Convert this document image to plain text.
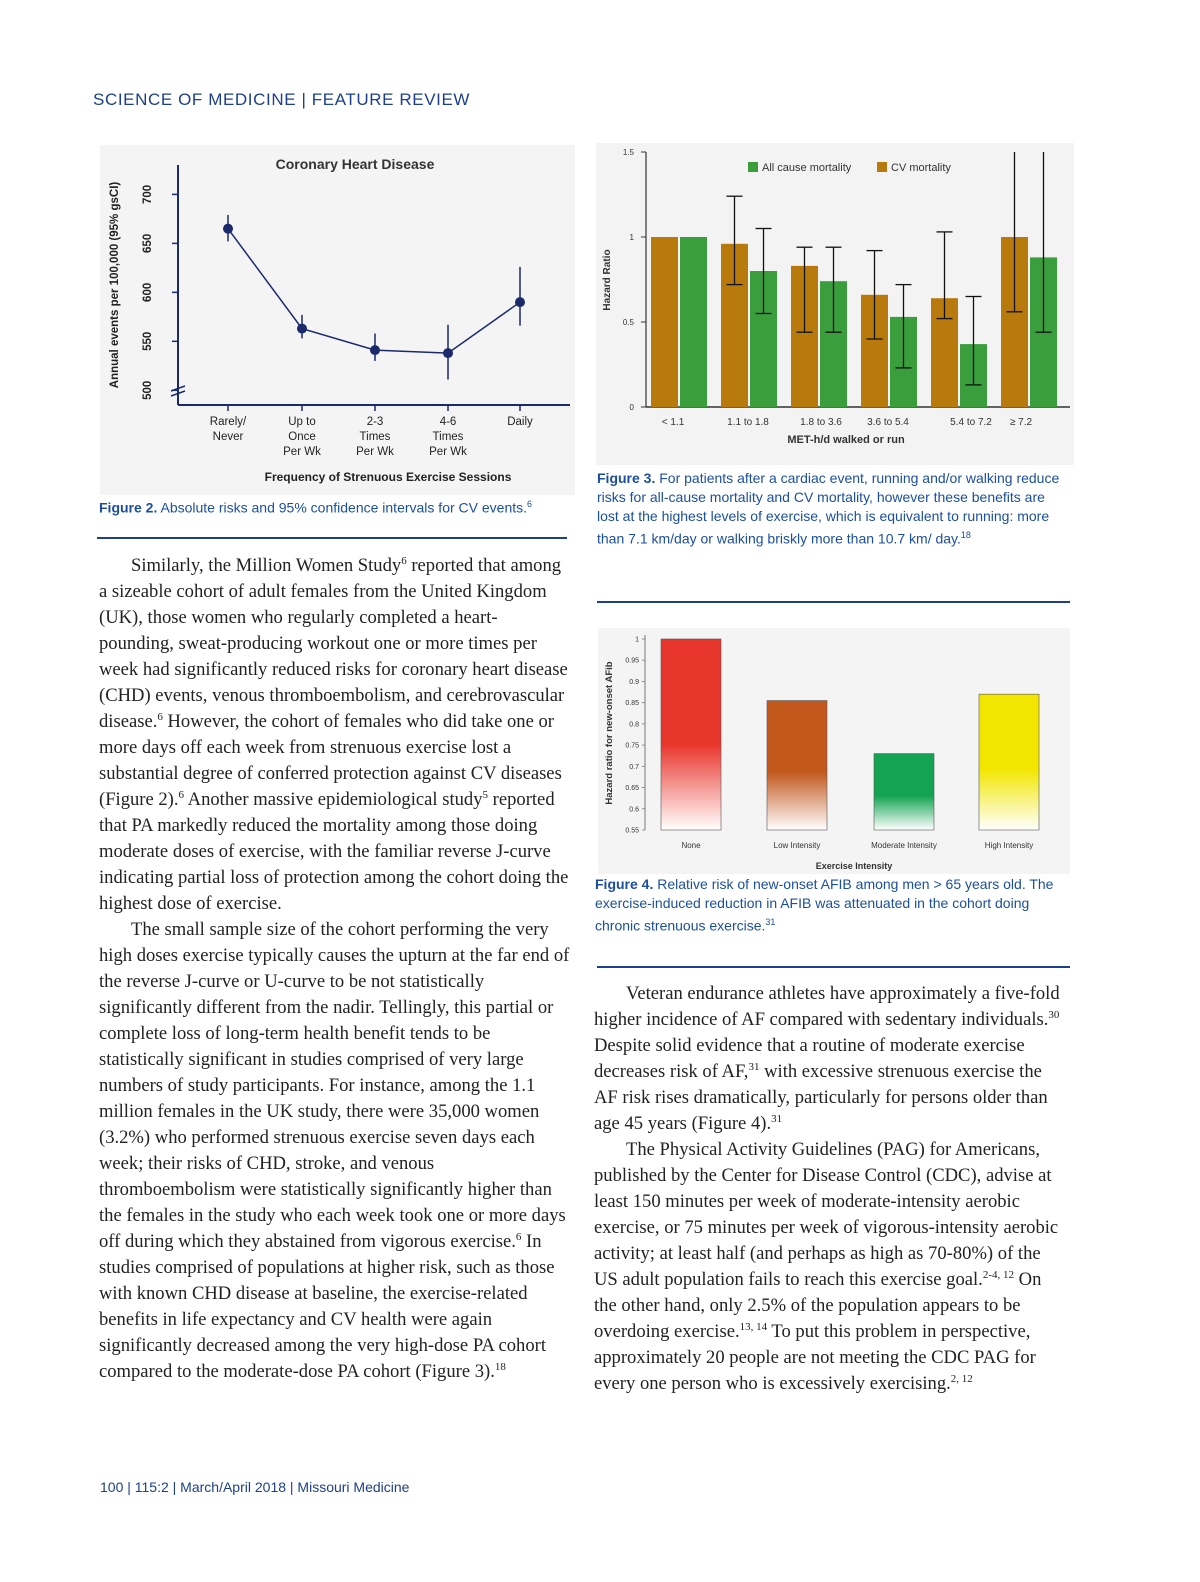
SCIENCE OF MEDICINE | FEATURE REVIEW
Coronary Heart Disease
500
550
600
650
700
Annual events per 100,000 (95% gsCI)
Rarely/ Never
Up to Once Per Wk
2-3 Times Per Wk
4-6 Times Per Wk
Daily
Frequency of Strenuous Exercise Sessions
Figure 2. Absolute risks and 95% confidence intervals for CV events.$^6$
0
0.5
1
1.5
Hazard Ratio
< 1.1	1.1 to 1.8	1.8 to 3.6	3.6 to 5.4	5.4 to 7.2 ≥ 7.2
MET-h/d walked or run
All cause mortality	CV mortality
Figure 3. For patients after a cardiac event, running and/or walking reduce risks for all-cause mortality and CV mortality, however these benefits are lost at the highest levels of exercise, which is equivalent to running: more than 7.1 km/day or walking briskly more than 10.7 km/ day.$^{18}$
0.55
0.6
0.65
0.7
0.75
0.8
0.85
0.9
0.95
1
Hazard ratio for new-onset AFib
None	Low Intensity	Moderate Intensity	High Intensity
Exercise Intensity
Figure 4. Relative risk of new-onset AFIB among men > 65 years old. The exercise-induced reduction in AFIB was attenuated in the cohort doing chronic strenuous exercise.$^{31}$

Similarly, the Million Women Study$^6$ reported that among a sizeable cohort of adult females from the United Kingdom (UK), those women who regularly completed a heart-pounding, sweat-producing workout one or more times per week had significantly reduced risks for coronary heart disease (CHD) events, venous thromboembolism, and cerebrovascular disease.$^6$ However, the cohort of females who did take one or more days off each week from strenuous exercise lost a substantial degree of conferred protection against CV diseases (Figure 2).$^6$ Another massive epidemiological study$^5$ reported that PA markedly reduced the mortality among those doing moderate doses of exercise, with the familiar reverse J-curve indicating partial loss of protection among the cohort doing the highest dose of exercise.

The small sample size of the cohort performing the very high doses exercise typically causes the upturn at the far end of the reverse J-curve or U-curve to be not statistically significantly different from the nadir. Tellingly, this partial or complete loss of long-term health benefit tends to be statistically significant in studies comprised of very large numbers of study participants. For instance, among the 1.1 million females in the UK study, there were 35,000 women (3.2%) who performed strenuous exercise seven days each week; their risks of CHD, stroke, and venous thromboembolism were statistically significantly higher than the females in the study who each week took one or more days off during which they abstained from vigorous exercise.$^6$ In studies comprised of populations at higher risk, such as those with known CHD disease at baseline, the exercise-related benefits in life expectancy and CV health were again significantly decreased among the very high-dose PA cohort compared to the moderate-dose PA cohort (Figure 3).$^{18}$

Veteran endurance athletes have approximately a five-fold higher incidence of AF compared with sedentary individuals.$^{30}$ Despite solid evidence that a routine of moderate exercise decreases risk of AF,$^{31}$ with excessive strenuous exercise the AF risk rises dramatically, particularly for persons older than age 45 years (Figure 4).$^{31}$

The Physical Activity Guidelines (PAG) for Americans, published by the Center for Disease Control (CDC), advise at least 150 minutes per week of moderate-intensity aerobic exercise, or 75 minutes per week of vigorous-intensity aerobic activity; at least half (and perhaps as high as 70-80%) of the US adult population fails to reach this exercise goal.$^{2-4, 12}$ On the other hand, only 2.5% of the population appears to be overdoing exercise.$^{13, 14}$ To put this problem in perspective, approximately 20 people are not meeting the CDC PAG for every one person who is excessively exercising.$^{2, 12}$

100 | 115:2 | March/April 2018 | Missouri Medicine
